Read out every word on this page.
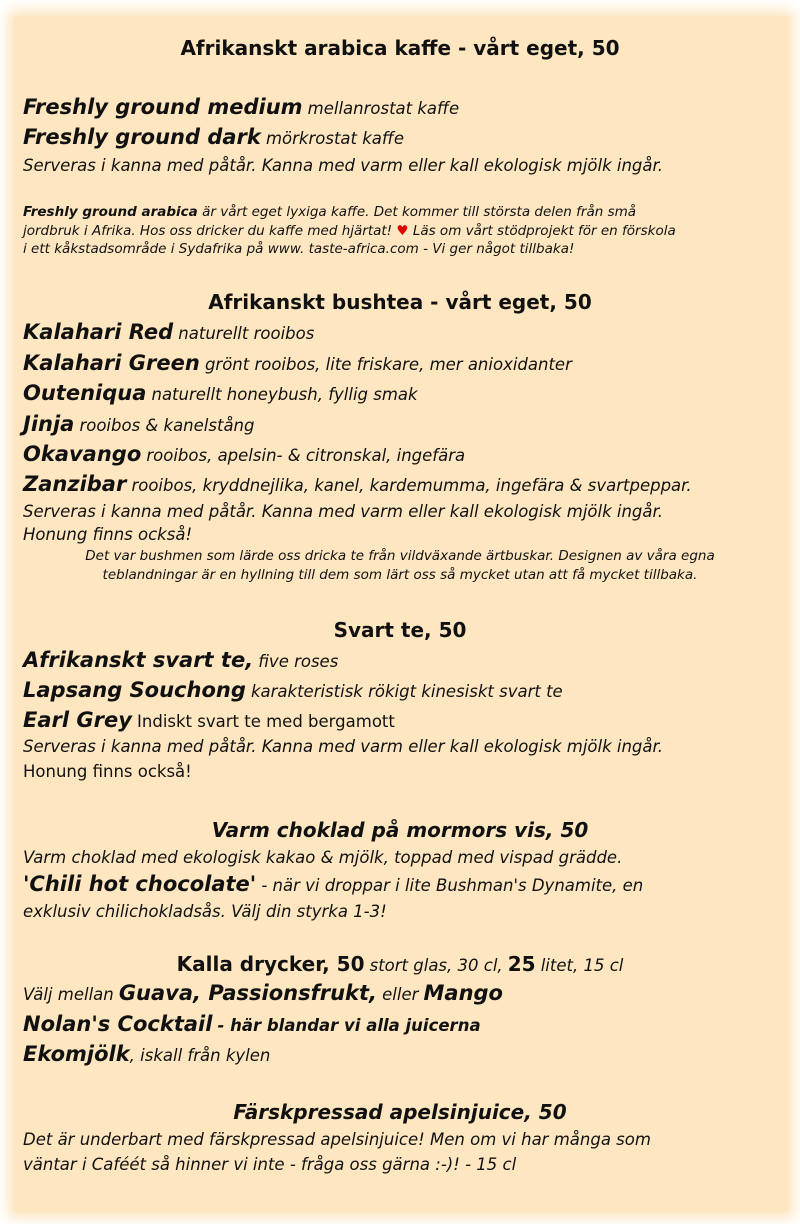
Afrikanskt arabica kaffe - vårt eget, 50
Freshly ground medium mellanrostat kaffe
Freshly ground dark mörkrostat kaffe
Serveras i kanna med påtår. Kanna med varm eller kall ekologisk mjölk ingår.
Freshly ground arabica är vårt eget lyxiga kaffe. Det kommer till största delen från små
jordbruk i Afrika. Hos oss dricker du kaffe med hjärtat! ♥ Läs om vårt stödprojekt för en förskola
i ett kåkstadsområde i Sydafrika på www. taste-africa.com - Vi ger något tillbaka!
Afrikanskt bushtea - vårt eget, 50
Kalahari Red naturellt rooibos
Kalahari Green grönt rooibos, lite friskare, mer anioxidanter
Outeniqua naturellt honeybush, fyllig smak
Jinja rooibos & kanelstång
Okavango rooibos, apelsin- & citronskal, ingefära
Zanzibar rooibos, kryddnejlika, kanel, kardemumma, ingefära & svartpeppar.
Serveras i kanna med påtår. Kanna med varm eller kall ekologisk mjölk ingår.
Honung finns också!
Det var bushmen som lärde oss dricka te från vildväxande ärtbuskar. Designen av våra egna
teblandningar är en hyllning till dem som lärt oss så mycket utan att få mycket tillbaka.
Svart te, 50
Afrikanskt svart te, five roses
Lapsang Souchong karakteristisk rökigt kinesiskt svart te
Earl Grey Indiskt svart te med bergamott
Serveras i kanna med påtår. Kanna med varm eller kall ekologisk mjölk ingår.
Honung finns också!
Varm choklad på mormors vis, 50
Varm choklad med ekologisk kakao & mjölk, toppad med vispad grädde.
'Chili hot chocolate' - när vi droppar i lite Bushman's Dynamite, en
exklusiv chilichokladsås. Välj din styrka 1-3!
Kalla drycker, 50 stort glas, 30 cl, 25 litet, 15 cl
Välj mellan Guava, Passionsfrukt, eller Mango
Nolan's Cocktail - här blandar vi alla juicerna
Ekomjölk, iskall från kylen
Färskpressad apelsinjuice, 50
Det är underbart med färskpressad apelsinjuice! Men om vi har många som
väntar i Caféét så hinner vi inte - fråga oss gärna :-)! - 15 cl
